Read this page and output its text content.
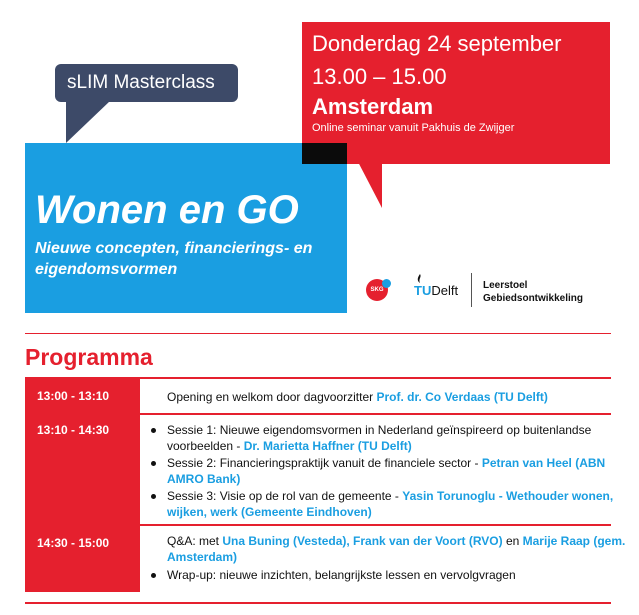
sLIM Masterclass
Donderdag 24 september
13.00 – 15.00
Amsterdam
Online seminar vanuit Pakhuis de Zwijger
Wonen en GO
Nieuwe concepten, financierings- en eigendomsvormen
SKG TUDelft Leerstoel
Gebiedsontwikkeling
Programma
13:00 - 13:10	Opening en welkom door dagvoorzitter Prof. dr. Co Verdaas (TU Delft)
13:10 - 14:30	Sessie 1: Nieuwe eigendomsvormen in Nederland geïnspireerd op buitenlandse
voorbeelden - Dr. Marietta Haffner (TU Delft)
Sessie 2: Financieringspraktijk vanuit de financiele sector - Petran van Heel (ABN
AMRO Bank)
Sessie 3: Visie op de rol van de gemeente - Yasin Torunoglu - Wethouder wonen,
wijken, werk (Gemeente Eindhoven)
14:30 - 15:00	Q&A: met Una Buning (Vesteda), Frank van der Voort (RVO) en Marije Raap (gem.
Amsterdam)
Wrap-up: nieuwe inzichten, belangrijkste lessen en vervolgvragen
